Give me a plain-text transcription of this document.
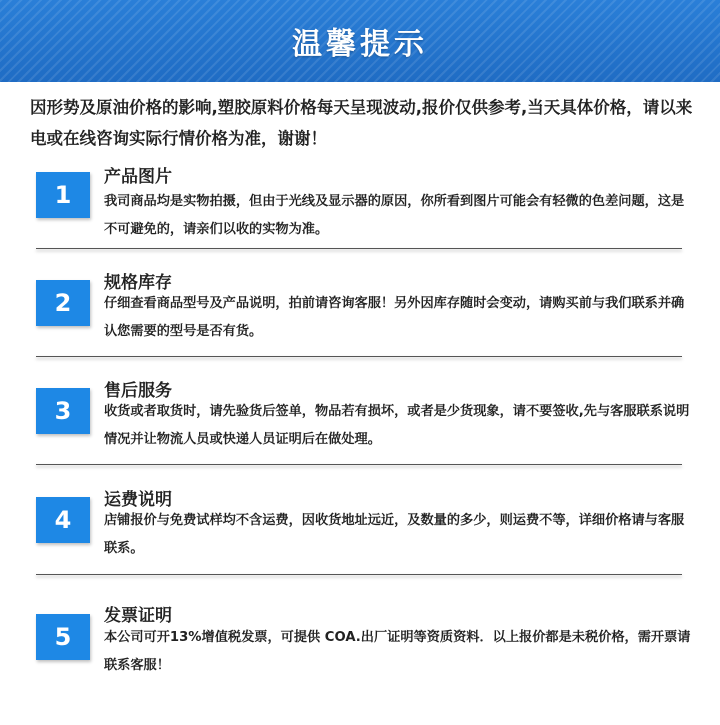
温馨提示
因形势及原油价格的影响,塑胶原料价格每天呈现波动,报价仅供参考,当天具体价格，请以来电或在线咨询实际行情价格为准，谢谢！
1
产品图片
我司商品均是实物拍摄，但由于光线及显示器的原因，你所看到图片可能会有轻微的色差问题，这是不可避免的，请亲们以收的实物为准。
2
规格库存
仔细查看商品型号及产品说明，拍前请咨询客服！另外因库存随时会变动，请购买前与我们联系并确认您需要的型号是否有货。
3
售后服务
收货或者取货时，请先验货后签单，物品若有损坏，或者是少货现象，请不要签收,先与客服联系说明情况并让物流人员或快递人员证明后在做处理。
4
运费说明
店铺报价与免费试样均不含运费，因收货地址远近，及数量的多少，则运费不等，详细价格请与客服联系。
5
发票证明
本公司可开13%增值税发票，可提供 COA.出厂证明等资质资料．以上报价都是未税价格，需开票请联系客服！
